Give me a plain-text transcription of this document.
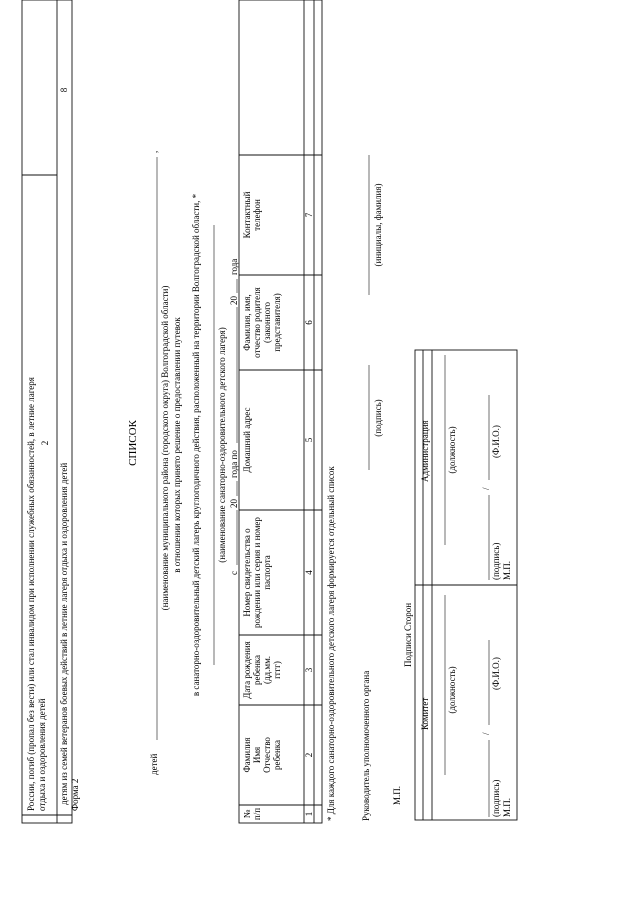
2
России, погиб (пропал без вести) или стал инвалидом при исполнении служебных обязанностей, в летние лагеря отдыха и оздоровления детей детям из семей ветеранов боевых действий в летние лагеря отдыха и оздоровления детей
8
Форма 2
СПИСОК
детей
,
(наименование муниципального района (городского округа) Волгоградской области) в отношении которых принято решение о предоставлении путевок в санаторно-оздоровительный детский лагерь круглогодичного действия, расположенный на территории Волгоградской области, * (наименование санаторно-оздоровительного детского лагеря)
с
20
года по
20
года
№ п/п
Фамилия Имя Отчество ребенка
Дата рождения ребенка (дд.мм. гггг)
Номер свидетельства о рождении или серия и номер паспорта
Домашний адрес
Фамилия, имя, отчество родителя (законного представителя)
Контактный телефон
1
2
3
4
5
6
7
* Для каждого санаторно-оздоровительного детского лагеря формируется отдельный список	Руководитель уполномоченного органа
(подпись)
(инициалы, фамилия)
М.П.
Подписи Сторон
Комитет
(должность)
/
(подпись)
(Ф.И.О.)
М.П.
Администрация (должность)
/
(подпись)
(Ф.И.О.)
М.П.
